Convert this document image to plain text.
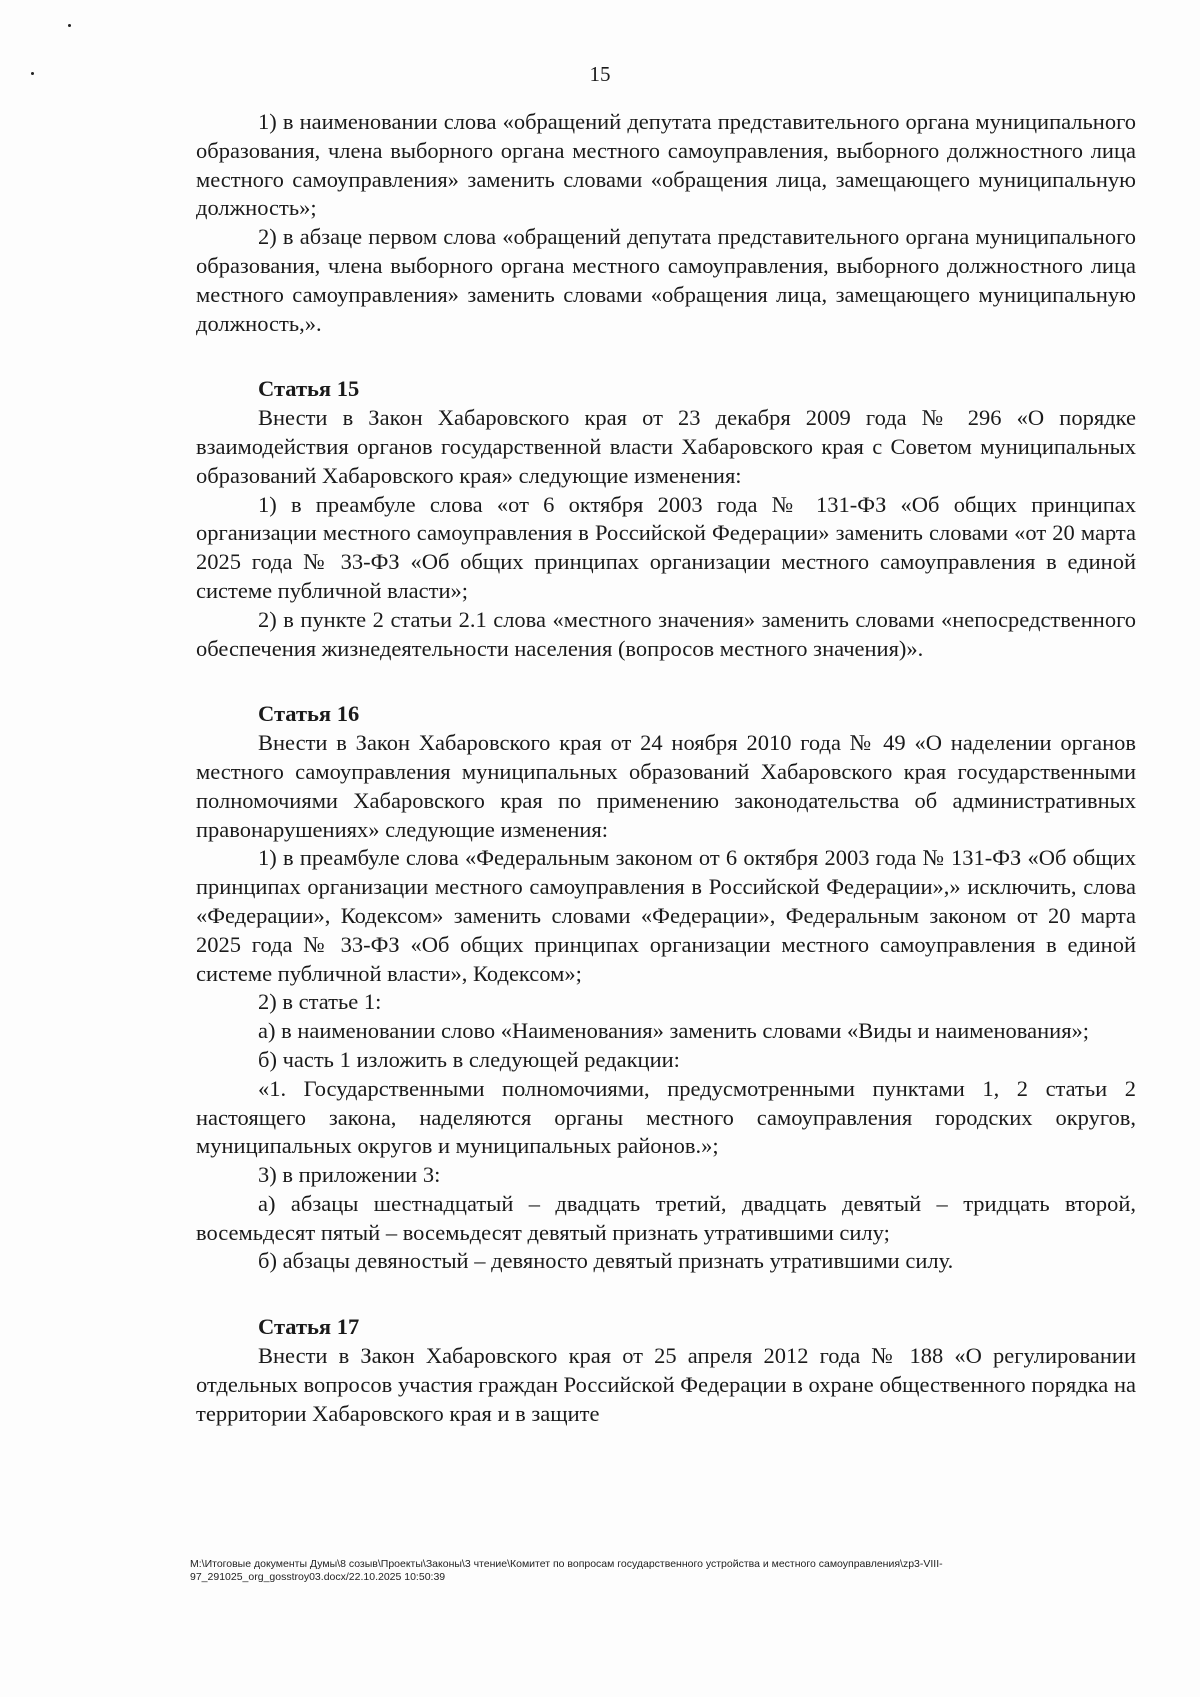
15

1) в наименовании слова «обращений депутата представительного органа муниципального образования, члена выборного органа местного самоуправления, выборного должностного лица местного самоуправления» заменить словами «обращения лица, замещающего муниципальную должность»;

2) в абзаце первом слова «обращений депутата представительного органа муниципального образования, члена выборного органа местного самоуправления, выборного должностного лица местного самоуправления» заменить словами «обращения лица, замещающего муниципальную должность,».

Статья 15

Внести в Закон Хабаровского края от 23 декабря 2009 года № 296 «О порядке взаимодействия органов государственной власти Хабаровского края с Советом муниципальных образований Хабаровского края» следующие изменения:

1) в преамбуле слова «от 6 октября 2003 года № 131-ФЗ «Об общих принципах организации местного самоуправления в Российской Федерации» заменить словами «от 20 марта 2025 года № 33-ФЗ «Об общих принципах организации местного самоуправления в единой системе публичной власти»;

2) в пункте 2 статьи 2.1 слова «местного значения» заменить словами «непосредственного обеспечения жизнедеятельности населения (вопросов местного значения)».

Статья 16

Внести в Закон Хабаровского края от 24 ноября 2010 года № 49 «О наделении органов местного самоуправления муниципальных образований Хабаровского края государственными полномочиями Хабаровского края по применению законодательства об административных правонарушениях» следующие изменения:

1) в преамбуле слова «Федеральным законом от 6 октября 2003 года № 131-ФЗ «Об общих принципах организации местного самоуправления в Российской Федерации»,» исключить, слова «Федерации», Кодексом» заменить словами «Федерации», Федеральным законом от 20 марта 2025 года № 33-ФЗ «Об общих принципах организации местного самоуправления в единой системе публичной власти», Кодексом»;

2) в статье 1:

а) в наименовании слово «Наименования» заменить словами «Виды и наименования»;

б) часть 1 изложить в следующей редакции:

«1. Государственными полномочиями, предусмотренными пунктами 1, 2 статьи 2 настоящего закона, наделяются органы местного самоуправления городских округов, муниципальных округов и муниципальных районов.»;

3) в приложении 3:

а) абзацы шестнадцатый – двадцать третий, двадцать девятый – тридцать второй, восемьдесят пятый – восемьдесят девятый признать утратившими силу;

б) абзацы девяностый – девяносто девятый признать утратившими силу.

Статья 17

Внести в Закон Хабаровского края от 25 апреля 2012 года № 188 «О регулировании отдельных вопросов участия граждан Российской Федерации в охране общественного порядка на территории Хабаровского края и в защите

M:\Итоговые документы Думы\8 созыв\Проекты\Законы\3 чтение\Комитет по вопросам государственного устройства и местного самоуправления\zp3-VIII-
97_291025_org_gosstroy03.docx/22.10.2025 10:50:39
